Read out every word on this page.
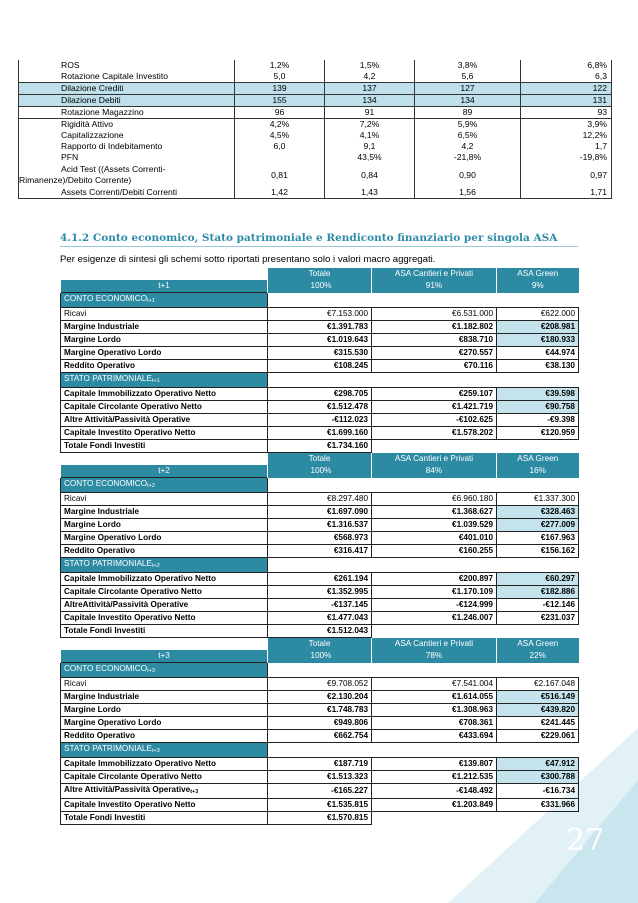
ROS	1,2%	1,5%	3,8%	6,8%
Rotazione Capitale Investito	5,0	4,2	5,6	6,3
Dilazione Crediti	139	137	127	122
Dilazione Debiti	155	134	134	131
Rotazione Magazzino	96	91	89	93
Rigidità Attivo	4,2%	7,2%	5,9%	3,9%
Capitalizzazione	4,5%	4,1%	6,5%	12,2%
Rapporto di Indebitamento	6,0	9,1	4,2	1,7
PFN		43,5%	-21,8%	-19,8%

Acid Test ((Assets Correnti-
Rimanenze)/Debito Corrente)	0,81	0,84	0,90	0,97
Assets Correnti/Debiti Correnti	1,42	1,43	1,56	1,71
4.1.2 Conto economico, Stato patrimoniale e Rendiconto finanziario per singola ASA
Per esigenze di sintesi gli schemi sotto riportati presentano solo i valori macro aggregati.
	Totale	ASA Cantieri e Privati	ASA Green
t+1	100%	91%	9%
CONTO $ECONOMICO_{t+1}$	
Ricavi	€7.153.000	€6.531.000	€622.000
Margine Industriale	€1.391.783	€1.182.802	€208.981
Margine Lordo	€1.019.643	€838.710	€180.933
Margine Operativo Lordo	€315.530	€270.557	€44.974
Reddito Operativo	€108.245	€70.116	€38.130
STATO $PATRIMONIALE_{t+1}$	
Capitale Immobilizzato Operativo Netto	€298.705	€259.107	€39.598
Capitale Circolante Operativo Netto	€1.512.478	€1.421.719	€90.758
Altre Attività/Passività Operative	-€112.023	-€102.625	-€9.398
Capitale Investito Operativo Netto	€1.699.160	€1.578.202	€120.959
Totale Fondi Investiti	€1.734.160		
	Totale	ASA Cantieri e Privati	ASA Green
t+2	100%	84%	16%
CONTO $ECONOMICO_{t+2}$	
Ricavi	€8.297.480	€6.960.180	€1.337.300
Margine Industriale	€1.697.090	€1.368.627	€328.463
Margine Lordo	€1.316.537	€1.039.529	€277.009
Margine Operativo Lordo	€568.973	€401.010	€167.963
Reddito Operativo	€316.417	€160.255	€156.162
STATO $PATRIMONIALE_{t+2}$	
Capitale Immobilizzato Operativo Netto	€261.194	€200.897	€60.297
Capitale Circolante Operativo Netto	€1.352.995	€1.170.109	€182.886
AltreAttività/Passività Operative	-€137.145	-€124.999	-€12.146
Capitale Investito Operativo Netto	€1.477.043	€1.246.007	€231.037
Totale Fondi Investiti	€1.512.043		
	Totale	ASA Cantieri e Privati	ASA Green
t+3	100%	78%	22%
CONTO $ECONOMICO_{t+3}$	
Ricavi	€9.708.052	€7.541.004	€2.167.048
Margine Industriale	€2.130.204	€1.614.055	€516.149
Margine Lordo	€1.748.783	€1.308.963	€439.820
Margine Operativo Lordo	€949.806	€708.361	€241.445
Reddito Operativo	€662.754	€433.694	€229.061
STATO $PATRIMONIALE_{t+3}$	
Capitale Immobilizzato Operativo Netto	€187.719	€139.807	€47.912
Capitale Circolante Operativo Netto	€1.513.323	€1.212.535	€300.788
Altre Attività/Passività Operative$_{t+3}$	-€165.227	-€148.492	-€16.734
Capitale Investito Operativo Netto	€1.535.815	€1.203.849	€331.966
Totale Fondi Investiti	€1.570.815		
27
